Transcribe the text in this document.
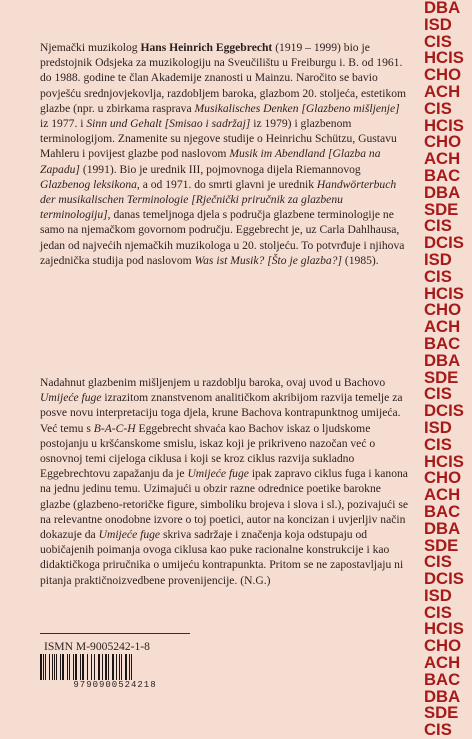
Njemački muzikolog Hans Heinrich Eggebrecht (1919 – 1999) bio je predstojnik Odsjeka za muzikologiju na Sveučilištu u Freiburgu i. B. od 1961. do 1988. godine te član Akademije znanosti u Mainzu. Naročito se bavio povješću srednjovjekovlja, razdobljem baroka, glazbom 20. stoljeća, estetikom glazbe (npr. u zbirkama rasprava Musikalisches Denken [Glazbeno mišljenje] iz 1977. i Sinn und Gehalt [Smisao i sadržaj] iz 1979) i glazbenom terminologijom. Znamenite su njegove studije o Heinrichu Schützu, Gustavu Mahleru i povijest glazbe pod naslovom Musik im Abendland [Glazba na Zapadu] (1991). Bio je urednik III, pojmovnoga dijela Riemannovog Glazbenog leksikona, a od 1971. do smrti glavni je urednik Handwörterbuch der musikalischen Terminologie [Rječnički priručnik za glazbenu terminologiju], danas temeljnoga djela s područja glazbene terminologije ne samo na njemačkom govornom području. Eggebrecht je, uz Carla Dahlhausa, jedan od najvećih njemačkih muzikologa u 20. stoljeću. To potvrđuje i njihova zajednička studija pod naslovom Was ist Musik? [Što je glazba?] (1985).

Nadahnut glazbenim mišljenjem u razdoblju baroka, ovaj uvod u Bachovo Umijeće fuge izrazitom znanstvenom analitičkom akribijom razvija temelje za posve novu interpretaciju toga djela, krune Bachova kontrapunktnog umijeća. Već temu s B-A-C-H Eggebrecht shvaća kao Bachov iskaz o ljudskome postojanju u kršćanskome smislu, iskaz koji je prikriveno nazočan već o osnovnoj temi cijeloga ciklusa i koji se kroz ciklus razvija sukladno Eggebrechtovu zapažanju da je Umijeće fuge ipak zapravo ciklus fuga i kanona na jednu jedinu temu. Uzimajući u obzir razne odrednice poetike barokne glazbe (glazbeno-retoričke figure, simboliku brojeva i slova i sl.), pozivajući se na relevantne onodobne izvore o toj poetici, autor na koncizan i uvjerljiv način dokazuje da Umijeće fuge skriva sadržaje i značenja koja odstupaju od uobičajenih poimanja ovoga ciklusa kao puke racionalne konstrukcije i kao didaktičkoga priručnika o umijeću kontrapunkta. Pritom se ne zapostavljaju ni pitanja praktičnoizvedbene provenijencije. (N.G.)

ISMN M-9005242-1-8
9790900524218
DBA
ISD
CIS
HCIS
CHO
ACH
CIS
HCIS
CHO
ACH
BAC
DBA
SDE
CIS
DCIS
ISD
CIS
HCIS
CHO
ACH
BAC
DBA
SDE
CIS
DCIS
ISD
CIS
HCIS
CHO
ACH
BAC
DBA
SDE
CIS
DCIS
ISD
CIS
HCIS
CHO
ACH
BAC
DBA
SDE
CIS
